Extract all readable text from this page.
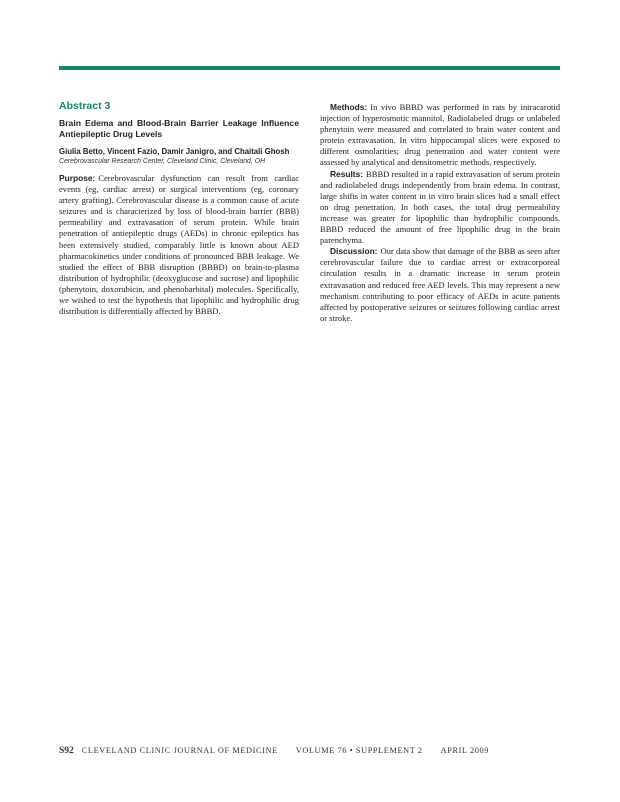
Abstract 3
Brain Edema and Blood-Brain Barrier Leakage Influence Antiepileptic Drug Levels
Giulia Betto, Vincent Fazio, Damir Janigro, and Chaitali Ghosh
Cerebrovascular Research Center, Cleveland Clinic, Cleveland, OH

Purpose: Cerebrovascular dysfunction can result from cardiac events (eg, cardiac arrest) or surgical interventions (eg, coronary artery grafting). Cerebrovascular disease is a common cause of acute seizures and is characterized by loss of blood-brain barrier (BBB) permeability and extravasation of serum protein. While brain penetration of antiepileptic drugs (AEDs) in chronic epileptics has been extensively studied, comparably little is known about AED pharmacokinetics under conditions of pronounced BBB leakage. We studied the effect of BBB disruption (BBBD) on brain-to-plasma distribution of hydrophilic (deoxyglucose and sucrose) and lipophilic (phenytoin, doxorubicin, and phenobarbital) molecules. Specifically, we wished to test the hypothesis that lipophilic and hydrophilic drug distribution is differentially affected by BBBD.

Methods: In vivo BBBD was performed in rats by intracarotid injection of hyperosmotic mannitol. Radiolabeled drugs or unlabeled phenytoin were measured and correlated to brain water content and protein extravasation. In vitro hippocampal slices were exposed to different osmolarities; drug penetration and water content were assessed by analytical and densitometric methods, respectively.

Results: BBBD resulted in a rapid extravasation of serum protein and radiolabeled drugs independently from brain edema. In contrast, large shifts in water content in in vitro brain slices had a small effect on drug penetration. In both cases, the total drug permeability increase was greater for lipophilic than hydrophilic compounds. BBBD reduced the amount of free lipophilic drug in the brain parenchyma.

Discussion: Our data show that damage of the BBB as seen after cerebrovascular failure due to cardiac arrest or extracorporeal circulation results in a dramatic increase in serum protein extravasation and reduced free AED levels. This may represent a new mechanism contributing to poor efficacy of AEDs in acute patients affected by postoperative seizures or seizures following cardiac arrest or stroke.

S92 CLEVELAND CLINIC JOURNAL OF MEDICINE VOLUME 76 • SUPPLEMENT 2 APRIL 2009
